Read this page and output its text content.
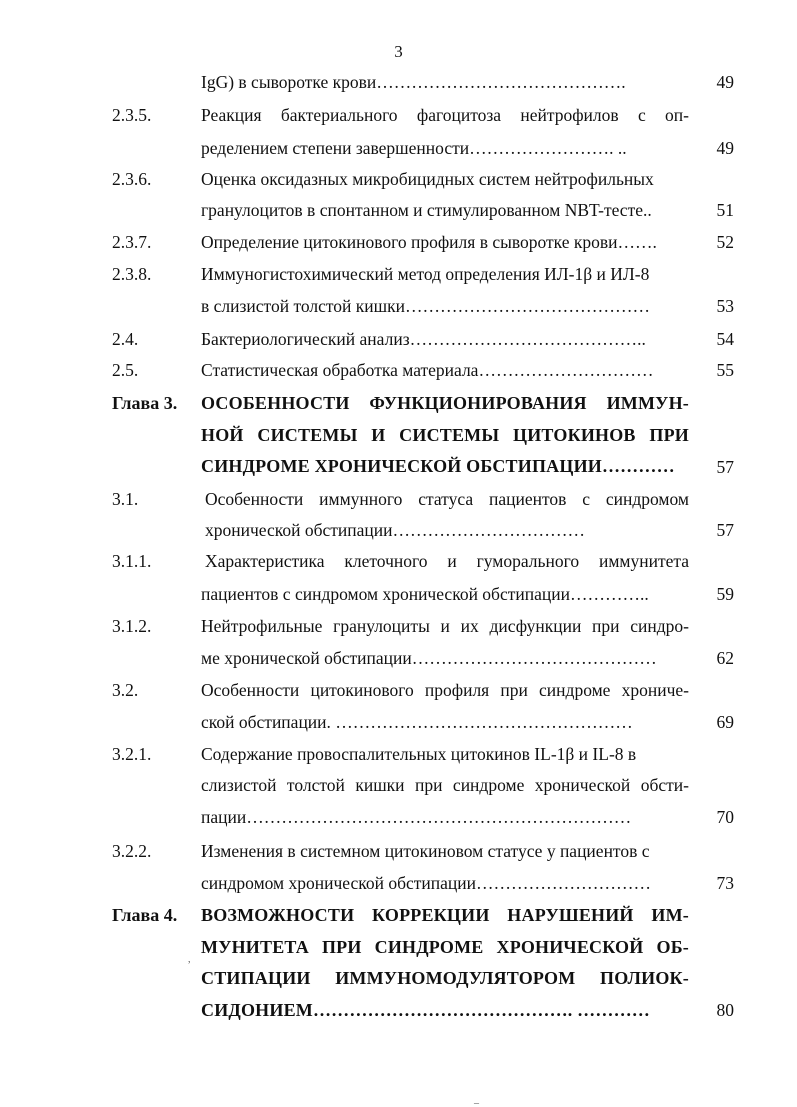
3
IgG) в сыворотке крови…………………………………….	49
2.3.5.	Реакция бактериального фагоцитоза нейтрофилов с оп-
ределением степени завершенности……………………. ..	49
2.3.6.	Оценка оксидазных микробицидных систем нейтрофильных
гранулоцитов в спонтанном и стимулированном NBT-тесте..	51
2.3.7.	Определение цитокинового профиля в сыворотке крови…….	52
2.3.8.	Иммуногистохимический метод определения ИЛ-1β и ИЛ-8
в слизистой толстой кишки……………………………………	53
2.4.	Бактериологический анализ…………………………………..	54
2.5.	Статистическая обработка материала…………………………	55
Глава 3. ОСОБЕННОСТИ ФУНКЦИОНИРОВАНИЯ ИММУН-
НОЙ СИСТЕМЫ И СИСТЕМЫ ЦИТОКИНОВ ПРИ
СИНДРОМЕ ХРОНИЧЕСКОЙ ОБСТИПАЦИИ…………	57
3.1.	Особенности иммунного статуса пациентов с синдромом
хронической обстипации……………………………	57
3.1.1.	Характеристика клеточного и гуморального иммунитета
пациентов с синдромом хронической обстипации…………..	59
3.1.2.	Нейтрофильные гранулоциты и их дисфункции при синдро-
ме хронической обстипации……………………………………	62
3.2.	Особенности цитокинового профиля при синдроме хрониче-
ской обстипации. ……………………………………………	69
3.2.1.	Содержание провоспалительных цитокинов IL-1β и IL-8 в
слизистой толстой кишки при синдроме хронической обсти-
пации…………………………………………………………	70
3.2.2.	Изменения в системном цитокиновом статусе у пациентов с
синдромом хронической обстипации…………………………	73
Глава 4. ВОЗМОЖНОСТИ КОРРЕКЦИИ НАРУШЕНИЙ ИМ-
МУНИТЕТА ПРИ СИНДРОМЕ ХРОНИЧЕСКОЙ ОБ-
СТИПАЦИИ ИММУНОМОДУЛЯТОРОМ ПОЛИОК-
СИДОНИЕМ……………………………………. …………	80
,
_
